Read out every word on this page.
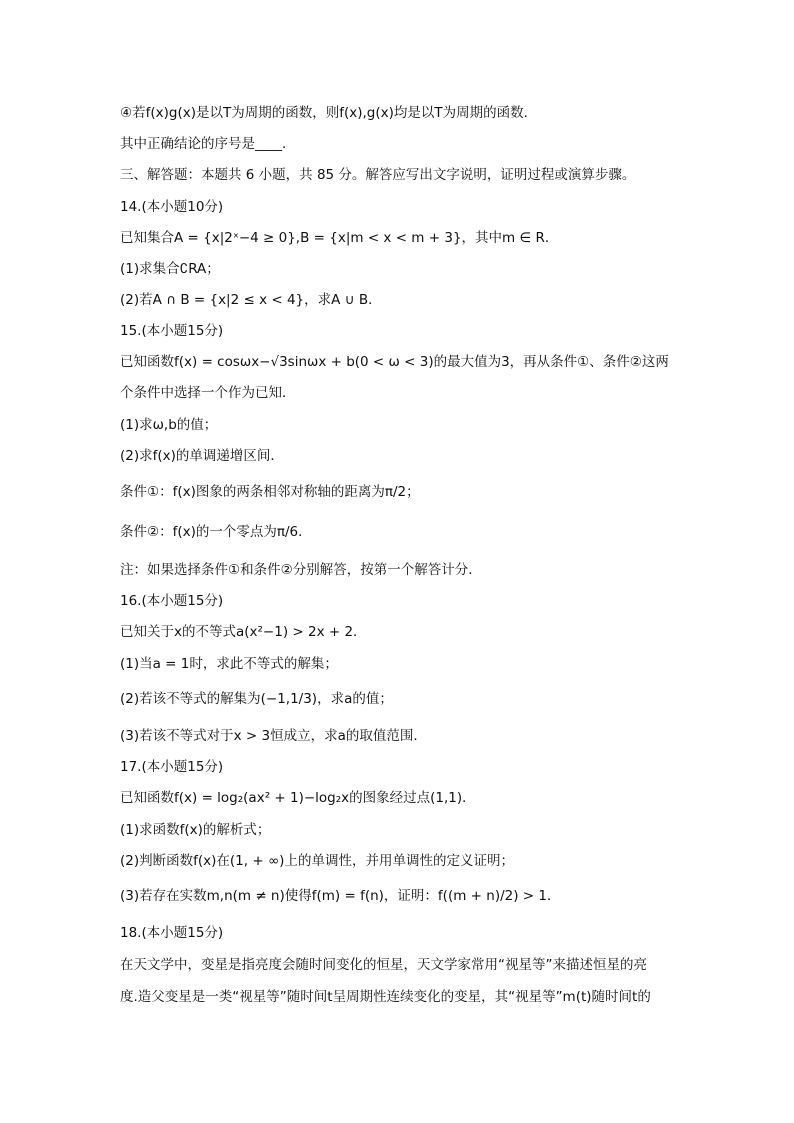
④若f(x)g(x)是以T为周期的函数，则f(x),g(x)均是以T为周期的函数．
其中正确结论的序号是____．
三、解答题：本题共 6 小题，共 85 分。解答应写出文字说明，证明过程或演算步骤。
14.(本小题10分)
已知集合A = {x|2ˣ−4 ≥ 0},B = {x|m < x < m + 3}，其中m ∈ R．
(1)求集合∁RA；
(2)若A ∩ B = {x|2 ≤ x < 4}，求A ∪ B．
15.(本小题15分)
已知函数f(x) = cosωx−√3sinωx + b(0 < ω < 3)的最大值为3，再从条件①、条件②这两
个条件中选择一个作为已知．
(1)求ω,b的值；
(2)求f(x)的单调递增区间．
条件①：f(x)图象的两条相邻对称轴的距离为π/2；
条件②：f(x)的一个零点为π/6．
注：如果选择条件①和条件②分别解答，按第一个解答计分．
16.(本小题15分)
已知关于x的不等式a(x²−1) > 2x + 2．
(1)当a = 1时，求此不等式的解集；
(2)若该不等式的解集为(−1,1/3)，求a的值；
(3)若该不等式对于x > 3恒成立，求a的取值范围．
17.(本小题15分)
已知函数f(x) = log₂(ax² + 1)−log₂x的图象经过点(1,1)．
(1)求函数f(x)的解析式；
(2)判断函数f(x)在(1, + ∞)上的单调性，并用单调性的定义证明；
(3)若存在实数m,n(m ≠ n)使得f(m) = f(n)，证明：f((m + n)/2) > 1．
18.(本小题15分)
在天文学中，变星是指亮度会随时间变化的恒星，天文学家常用“视星等”来描述恒星的亮
度.造父变星是一类“视星等”随时间t呈周期性连续变化的变星，其“视星等”m(t)随时间t的
